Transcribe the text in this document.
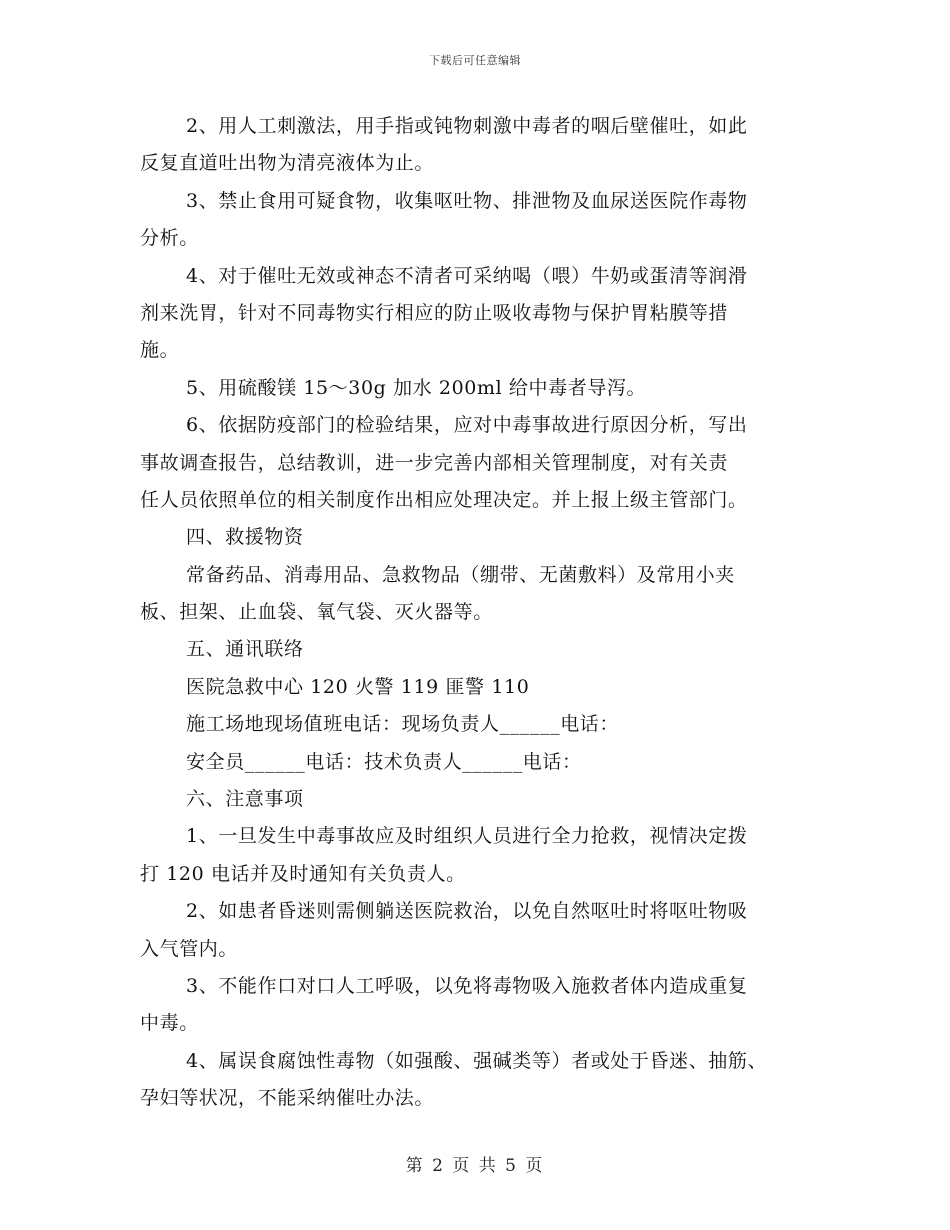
下载后可任意编辑
2、用人工刺激法，用手指或钝物刺激中毒者的咽后壁催吐，如此
反复直道吐出物为清亮液体为止。
3、禁止食用可疑食物，收集呕吐物、排泄物及血尿送医院作毒物
分析。
4、对于催吐无效或神态不清者可采纳喝（喂）牛奶或蛋清等润滑
剂来洗胃，针对不同毒物实行相应的防止吸收毒物与保护胃粘膜等措
施。
5、用硫酸镁 15～30g 加水 200ml 给中毒者导泻。
6、依据防疫部门的检验结果，应对中毒事故进行原因分析，写出
事故调查报告，总结教训，进一步完善内部相关管理制度，对有关责
任人员依照单位的相关制度作出相应处理决定。并上报上级主管部门。
四、救援物资
常备药品、消毒用品、急救物品（绷带、无菌敷料）及常用小夹
板、担架、止血袋、氧气袋、灭火器等。
五、通讯联络
医院急救中心 120 火警 119 匪警 110
施工场地现场值班电话：现场负责人______电话：
安全员______电话：技术负责人______电话：
六、注意事项
1、一旦发生中毒事故应及时组织人员进行全力抢救，视情决定拨
打 120 电话并及时通知有关负责人。
2、如患者昏迷则需侧躺送医院救治，以免自然呕吐时将呕吐物吸
入气管内。
3、不能作口对口人工呼吸，以免将毒物吸入施救者体内造成重复
中毒。
4、属误食腐蚀性毒物（如强酸、强碱类等）者或处于昏迷、抽筋、
孕妇等状况，不能采纳催吐办法。
第 2 页 共 5 页
